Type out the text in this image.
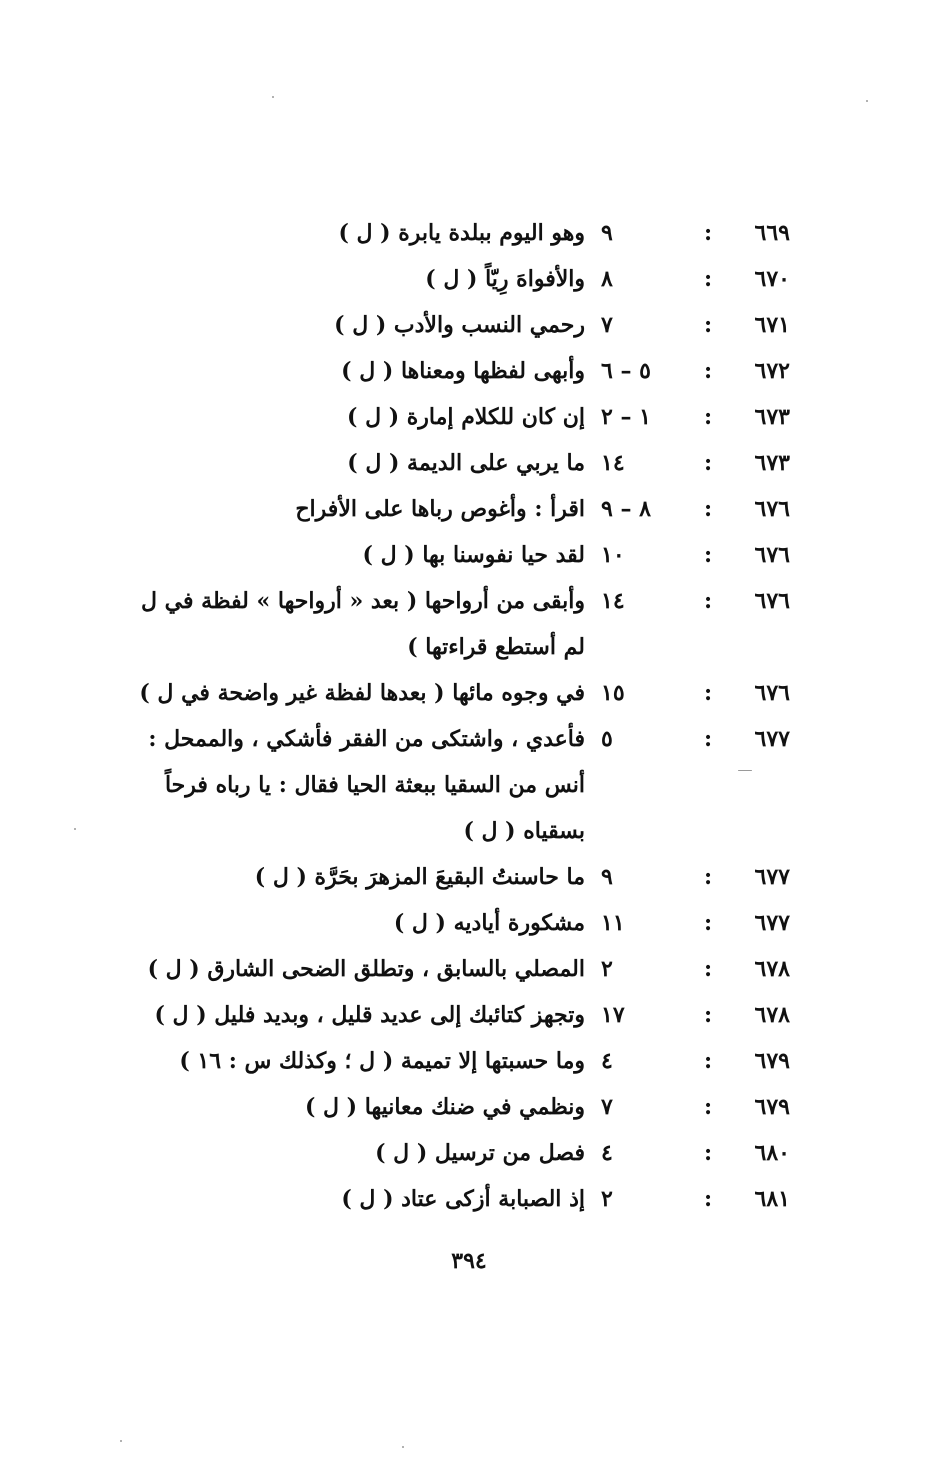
٦٦٩
:
٩
وهو اليوم ببلدة يابرة ( ل )
٦٧٠
:
٨
والأفواهَ رِيّاً ( ل )
٦٧١
:
٧
رحمي النسب والأدب ( ل )
٦٧٢
:
٥ – ٦
وأبهى لفظها ومعناها ( ل )
٦٧٣
:
١ – ٢
إن كان للكلام إمارة ( ل )
٦٧٣
:
١٤
ما يربي على الديمة ( ل )
٦٧٦
:
٨ – ٩
اقرأ : وأغوص رباها على الأفراح
٦٧٦
:
١٠
لقد حيا نفوسنا بها ( ل )
٦٧٦
:
١٤
وأبقى من أرواحها ( بعد « أرواحها » لفظة في ل
لم أستطع قراءتها )
٦٧٦
:
١٥
في وجوه مائها ( بعدها لفظة غير واضحة في ل )
٦٧٧
:
٥
فأعدي ، واشتكى من الفقر فأشكي ، والممحل :
أنس من السقيا ببعثة الحيا فقال : يا رباه فرحاً
بسقياه ( ل )
٦٧٧
:
٩
ما حاسنتُ البقيعَ المزهرَ بحَرَّة ( ل )
٦٧٧
:
١١
مشكورة أياديه ( ل )
٦٧٨
:
٢
المصلي بالسابق ، وتطلق الضحى الشارق ( ل )
٦٧٨
:
١٧
وتجهز كتائبك إلى عديد قليل ، وبديد فليل ( ل )
٦٧٩
:
٤
وما حسبتها إلا تميمة ( ل ؛ وكذلك س : ١٦ )
٦٧٩
:
٧
ونظمي في ضنك معانيها ( ل )
٦٨٠
:
٤
فصل من ترسيل ( ل )
٦٨١
:
٢
إذ الصبابة أزكى عتاد ( ل )
٣٩٤
